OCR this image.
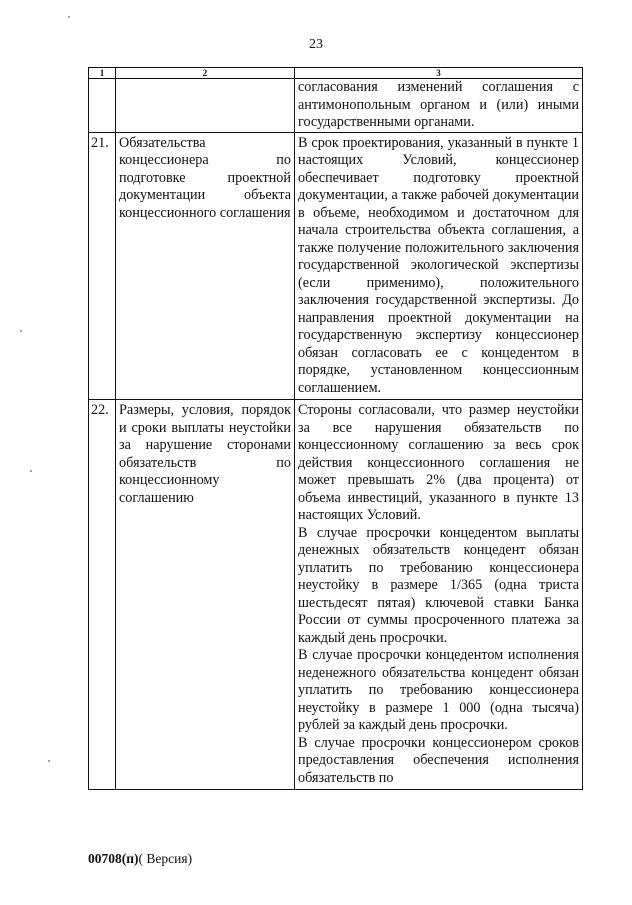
23
1	2	3
		согласования изменений соглашения с антимонопольным органом и (или) иными государственными органами.
21.	Обязательства концессионера по подготовке проектной документации объекта концессионного соглашения	В срок проектирования, указанный в пункте 1 настоящих Условий, концессионер обеспечивает подготовку проектной документации, а также рабочей документации в объеме, необходимом и достаточном для начала строительства объекта соглашения, а также получение положительного заключения государственной экологической экспертизы (если применимо), положительного заключения государственной экспертизы. До направления проектной документации на государственную экспертизу концессионер обязан согласовать ее с концедентом в порядке, установленном концессионным соглашением.

22.	Размеры, условия, порядок и сроки выплаты неустойки за нарушение сторонами обязательств по концессионному соглашению	Стороны согласовали, что размер неустойки за все нарушения обязательств по концессионному соглашению за весь срок действия концессионного соглашения не может превышать 2% (два процента) от объема инвестиций, указанного в пункте 13 настоящих Условий.

В случае просрочки концедентом выплаты денежных обязательств концедент обязан уплатить по требованию концессионера неустойку в размере 1/365 (одна триста шестьдесят пятая) ключевой ставки Банка России от суммы просроченного платежа за каждый день просрочки.

В случае просрочки концедентом исполнения неденежного обязательства концедент обязан уплатить по требованию концессионера неустойку в размере 1 000 (одна тысяча) рублей за каждый день просрочки.

В случае просрочки концессионером сроков предоставления обеспечения исполнения обязательств по

00708(п)( Версия)
